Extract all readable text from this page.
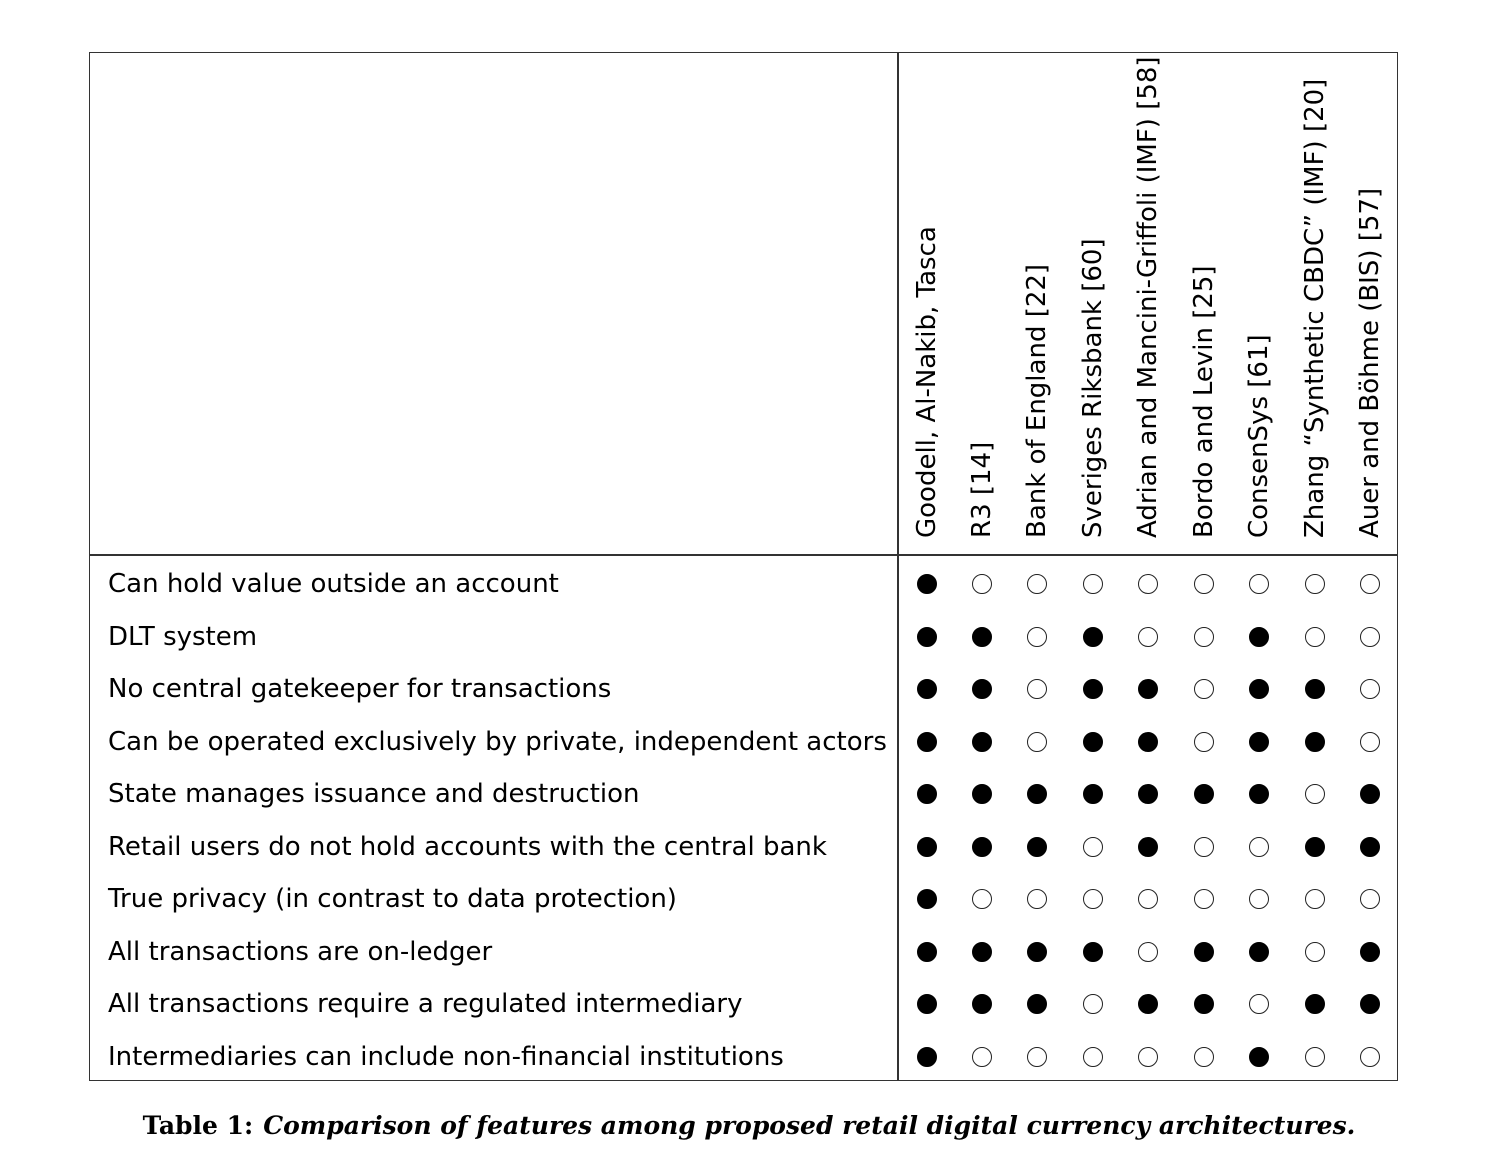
Goodell, Al-Nakib, Tasca R3 [14] Bank of England [22] Sveriges Riksbank [60] Adrian and Mancini-Griffoli (IMF) [58] Bordo and Levin [25] ConsenSys [61] Zhang “Synthetic CBDC” (IMF) [20] Auer and Böhme (BIS) [57]
Can hold value outside an account
DLT system
No central gatekeeper for transactions
Can be operated exclusively by private, independent actors
State manages issuance and destruction
Retail users do not hold accounts with the central bank
True privacy (in contrast to data protection)
All transactions are on-ledger
All transactions require a regulated intermediary
Intermediaries can include non-financial institutions
Table 1: Comparison of features among proposed retail digital currency architectures.
